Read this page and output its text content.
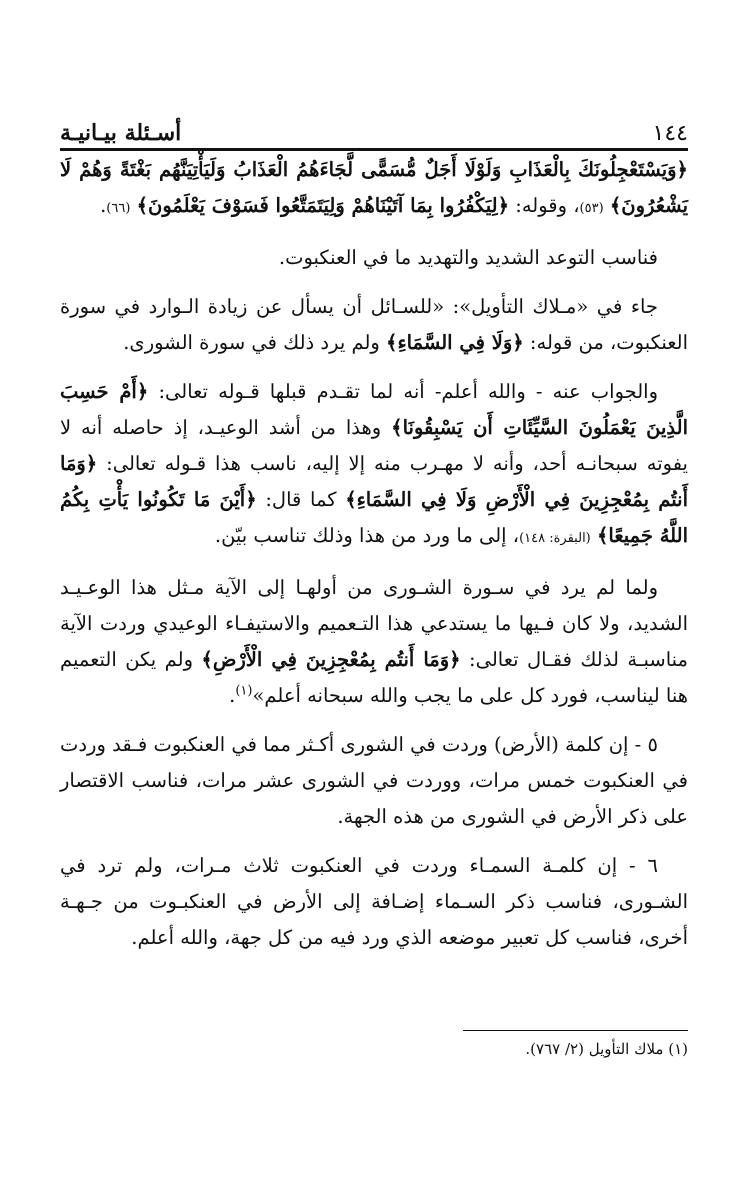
أسـئلة بيـانيـة	١٤٤

﴿وَيَسْتَعْجِلُونَكَ بِالْعَذَابِ وَلَوْلَا أَجَلٌ مُّسَمًّى لَّجَاءَهُمُ الْعَذَابُ وَلَيَأْتِيَنَّهُم بَغْتَةً وَهُمْ لَا يَشْعُرُونَ﴾ (٥٣)، وقوله: ﴿لِيَكْفُرُوا بِمَا آتَيْنَاهُمْ وَلِيَتَمَتَّعُوا فَسَوْفَ يَعْلَمُونَ﴾ (٦٦).

فناسب التوعد الشديد والتهديد ما في العنكبوت.

جاء في «مـلاك التأويل»: «للسـائل أن يسأل عن زيادة الـوارد في سورة العنكبوت، من قوله: ﴿وَلَا فِي السَّمَاءِ﴾ ولم يرد ذلك في سورة الشورى.

والجواب عنه - والله أعلم- أنه لما تقـدم قبلها قـوله تعالى: ﴿أَمْ حَسِبَ الَّذِينَ يَعْمَلُونَ السَّيِّئَاتِ أَن يَسْبِقُونَا﴾ وهذا من أشد الوعيـد، إذ حاصله أنه لا يفوته سبحانـه أحد، وأنه لا مهـرب منه إلا إليه، ناسب هذا قـوله تعالى: ﴿وَمَا أَنتُم بِمُعْجِزِينَ فِي الْأَرْضِ وَلَا فِي السَّمَاءِ﴾ كما قال: ﴿أَيْنَ مَا تَكُونُوا يَأْتِ بِكُمُ اللَّهُ جَمِيعًا﴾ (البقرة: ١٤٨)، إلى ما ورد من هذا وذلك تناسب بيّن.

ولما لم يرد في سـورة الشـورى من أولهـا إلى الآية مـثل هذا الوعـيـد الشديد، ولا كان فـيها ما يستدعي هذا التـعميم والاستيفـاء الوعيدي وردت الآية مناسبـة لذلك فقـال تعالى: ﴿وَمَا أَنتُم بِمُعْجِزِينَ فِي الْأَرْضِ﴾ ولم يكن التعميم هنا ليناسب، فورد كل على ما يجب والله سبحانه أعلم»$^{(١)}$.

٥ - إن كلمة (الأرض) وردت في الشورى أكـثر مما في العنكبوت فـقد وردت في العنكبوت خمس مرات، ووردت في الشورى عشر مرات، فناسب الاقتصار على ذكر الأرض في الشورى من هذه الجهة.

٦ - إن كلمـة السمـاء وردت في العنكبوت ثلاث مـرات، ولم ترد في الشـورى، فناسب ذكر السـماء إضـافة إلى الأرض في العنكبـوت من جـهـة أخرى، فناسب كل تعبير موضعه الذي ورد فيه من كل جهة، والله أعلم.

(١) ملاك التأويل (٢/ ٧٦٧).
